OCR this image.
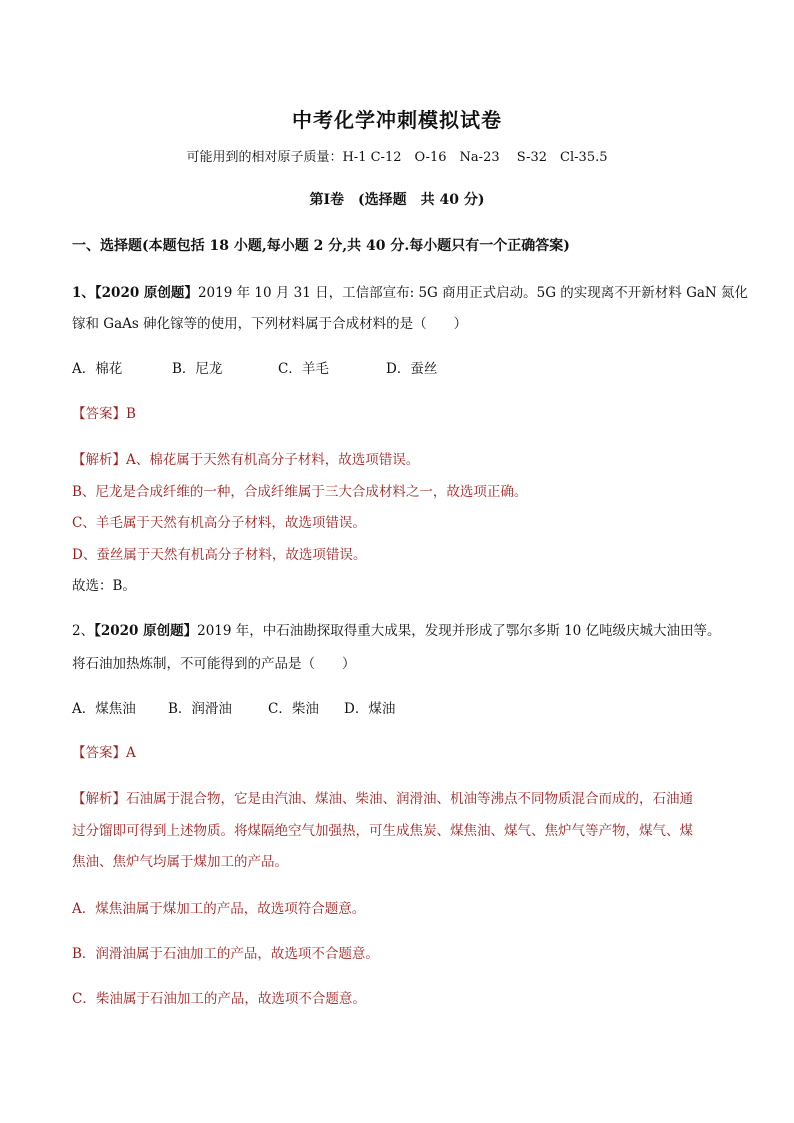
中考化学冲刺模拟试卷
可能用到的相对原子质量：H-1 C-12　O-16　Na-23　 S-32　Cl-35.5
第Ⅰ卷　(选择题　共 40 分)
一、选择题(本题包括 18 小题,每小题 2 分,共 40 分.每小题只有一个正确答案)
1、【2020 原创题】2019 年 10 月 31 日，工信部宣布: 5G 商用正式启动。5G 的实现离不开新材料 GaN 氮化
镓和 GaAs 砷化镓等的使用，下列材料属于合成材料的是（　　）
A．棉花	B．尼龙	C．羊毛	D．蚕丝
【答案】B
【解析】A、棉花属于天然有机高分子材料，故选项错误。
B、尼龙是合成纤维的一种，合成纤维属于三大合成材料之一，故选项正确。
C、羊毛属于天然有机高分子材料，故选项错误。
D、蚕丝属于天然有机高分子材料，故选项错误。
故选：B。
2、【2020 原创题】2019 年，中石油勘探取得重大成果，发现并形成了鄂尔多斯 10 亿吨级庆城大油田等。
将石油加热炼制，不可能得到的产品是（　　）
A．煤焦油 B．润滑油	C．柴油 D．煤油
【答案】A
【解析】石油属于混合物，它是由汽油、煤油、柴油、润滑油、机油等沸点不同物质混合而成的，石油通
过分馏即可得到上述物质。将煤隔绝空气加强热，可生成焦炭、煤焦油、煤气、焦炉气等产物，煤气、煤
焦油、焦炉气均属于煤加工的产品。
A．煤焦油属于煤加工的产品，故选项符合题意。
B．润滑油属于石油加工的产品，故选项不合题意。
C．柴油属于石油加工的产品，故选项不合题意。
